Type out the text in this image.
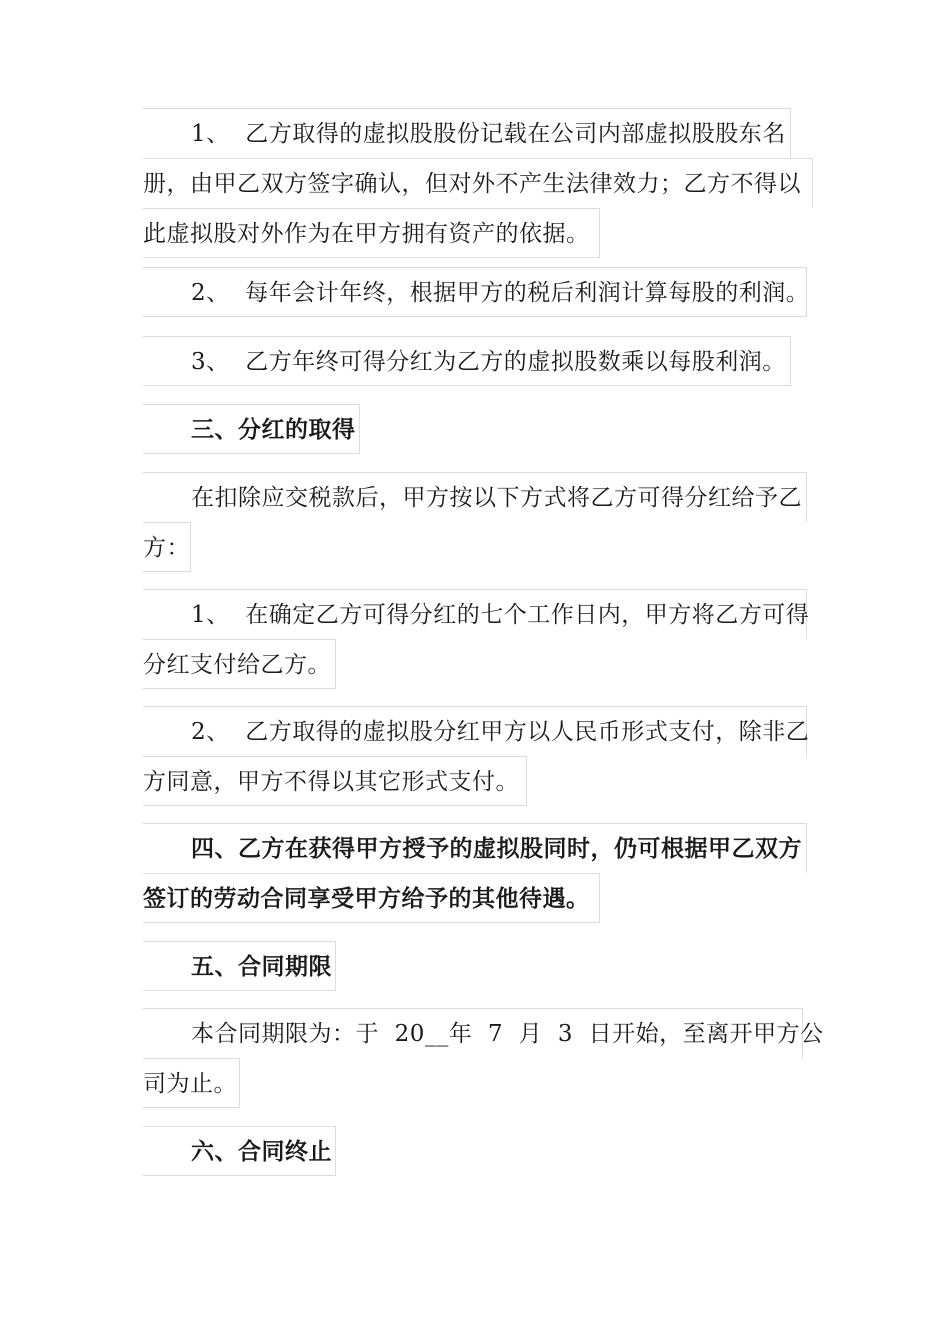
1、  乙方取得的虚拟股股份记载在公司内部虚拟股股东名
册，由甲乙双方签字确认，但对外不产生法律效力；乙方不得以
此虚拟股对外作为在甲方拥有资产的依据。
2、  每年会计年终，根据甲方的税后利润计算每股的利润。
3、  乙方年终可得分红为乙方的虚拟股数乘以每股利润。
三、分红的取得
在扣除应交税款后，甲方按以下方式将乙方可得分红给予乙
方：
1、  在确定乙方可得分红的七个工作日内，甲方将乙方可得
分红支付给乙方。
2、  乙方取得的虚拟股分红甲方以人民币形式支付，除非乙
方同意，甲方不得以其它形式支付。
四、乙方在获得甲方授予的虚拟股同时，仍可根据甲乙双方
签订的劳动合同享受甲方给予的其他待遇。
五、合同期限
本合同期限为：于  20__年  7  月  3  日开始，至离开甲方公
司为止。
六、合同终止
